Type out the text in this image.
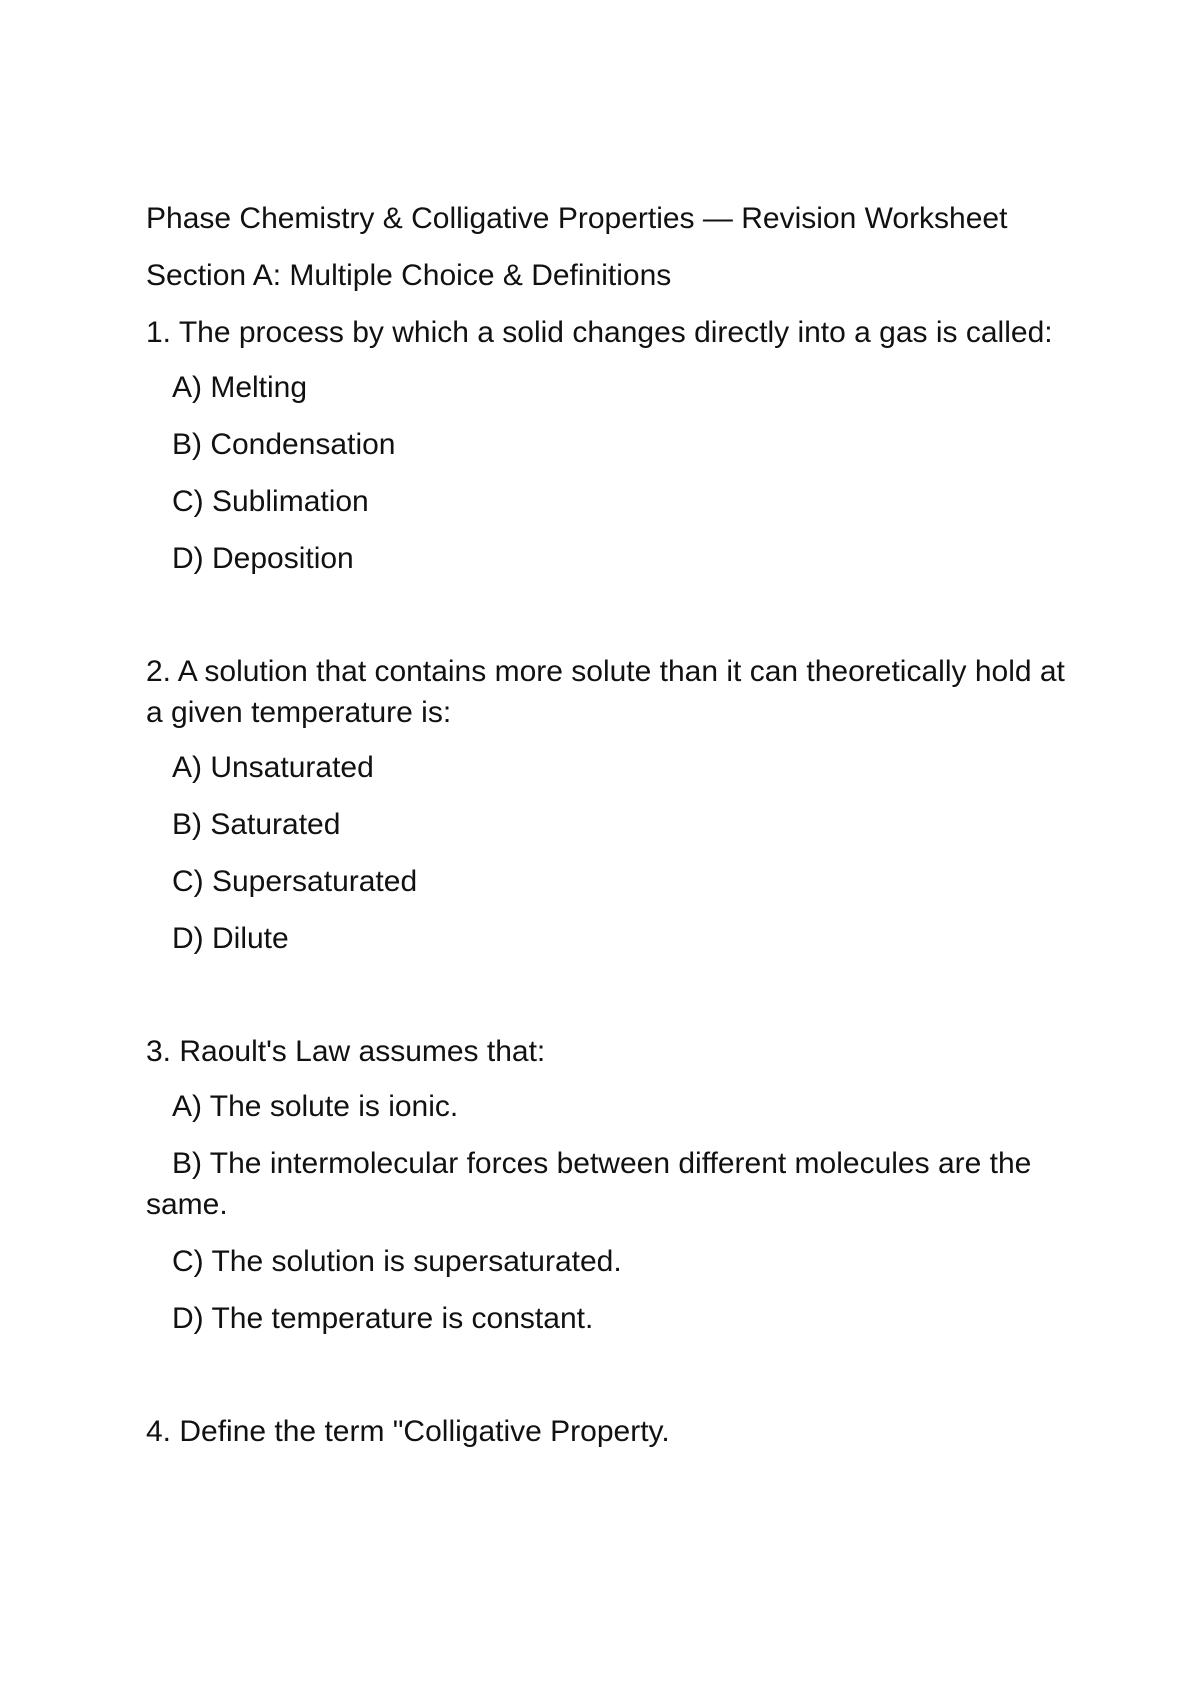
Phase Chemistry & Colligative Properties — Revision Worksheet
Section A: Multiple Choice & Definitions

1. The process by which a solid changes directly into a gas is called:

A) Melting
B) Condensation
C) Sublimation
D) Deposition

2. A solution that contains more solute than it can theoretically hold at a given temperature is:

A) Unsaturated
B) Saturated
C) Supersaturated
D) Dilute

3. Raoult's Law assumes that:

A) The solute is ionic.
B) The intermolecular forces between different molecules are the same.
C) The solution is supersaturated.
D) The temperature is constant.

4. Define the term "Colligative Property.
